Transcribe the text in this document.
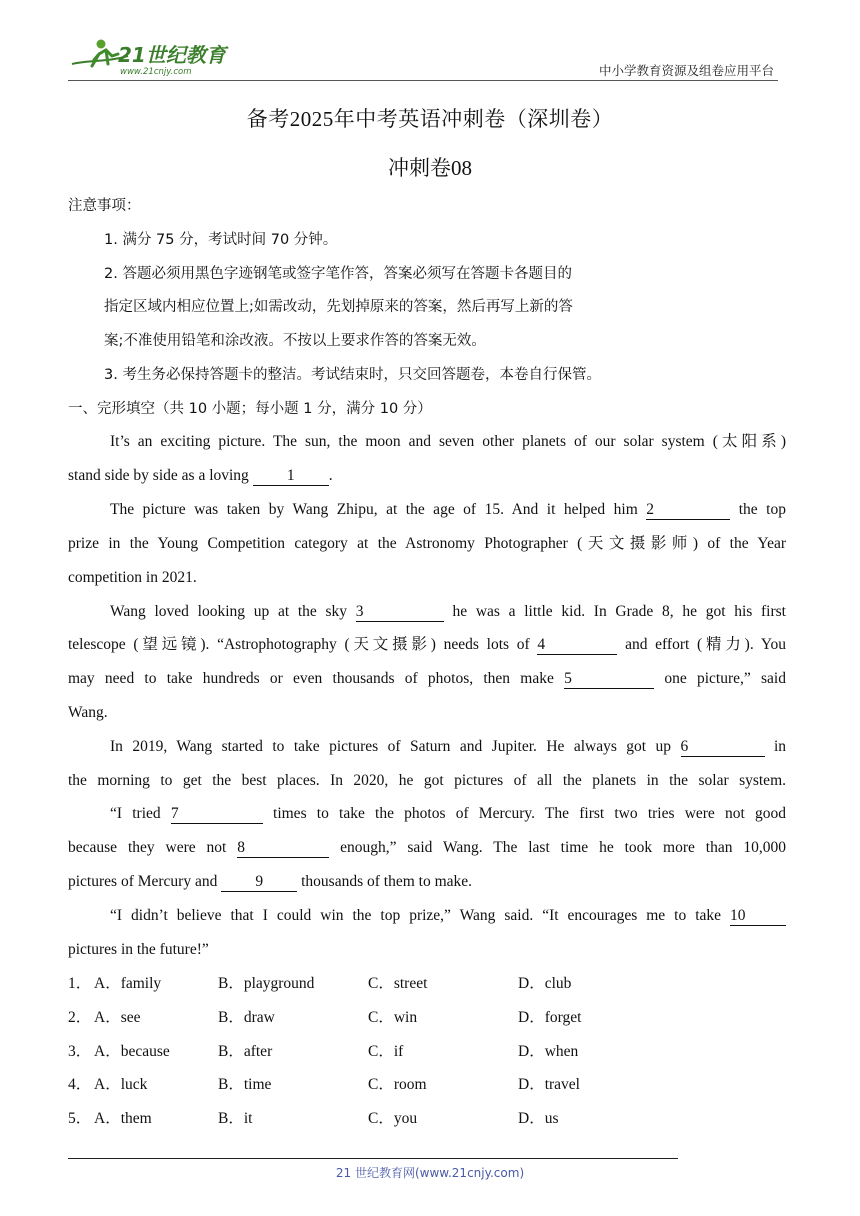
21世纪教育
www.21cnjy.com	中小学教育资源及组卷应用平台
备考2025年中考英语冲刺卷（深圳卷）
冲刺卷08
注意事项：
1. 满分 75 分，考试时间 70 分钟。
2. 答题必须用黑色字迹钢笔或签字笔作答，答案必须写在答题卡各题目的
指定区域内相应位置上;如需改动，先划掉原来的答案，然后再写上新的答
案;不准使用铅笔和涂改液。不按以上要求作答的答案无效。
3. 考生务必保持答题卡的整洁。考试结束时，只交回答题卷，本卷自行保管。
一、完形填空（共 10 小题；每小题 1 分，满分 10 分）
It’s an exciting picture. The sun, the moon and seven other planets of our solar system (太阳系)
stand side by side as a loving 1 .
The picture was taken by Wang Zhipu, at the age of 15. And it helped him 2	the top
prize in the Young Competition category at the Astronomy Photographer (天文摄影师) of the Year
competition in 2021.
Wang loved looking up at the sky 3	he was a little kid. In Grade 8, he got his first
telescope (望远镜). “Astrophotography (天文摄影) needs lots of 4	and effort (精力). You
may need to take hundreds or even thousands of photos, then make 5	one picture,” said
Wang.
In 2019, Wang started to take pictures of Saturn and Jupiter. He always got up 6	in
the morning to get the best places. In 2020, he got pictures of all the planets in the solar system.
“I tried 7	times to take the photos of Mercury. The first two tries were not good
because they were not 8	enough,” said Wang. The last time he took more than 10,000
pictures of Mercury and 9 thousands of them to make.
“I didn’t believe that I could win the top prize,” Wang said. “It encourages me to take 10
pictures in the future!”
1． A．family	B．playground	C．street	D．club
2． A．see	B．draw	C．win	D．forget
3． A．because	B．after	C．if	D．when
4． A．luck	B．time	C．room	D．travel
5． A．them	B．it	C．you	D．us
21 世纪教育网(www.21cnjy.com)
